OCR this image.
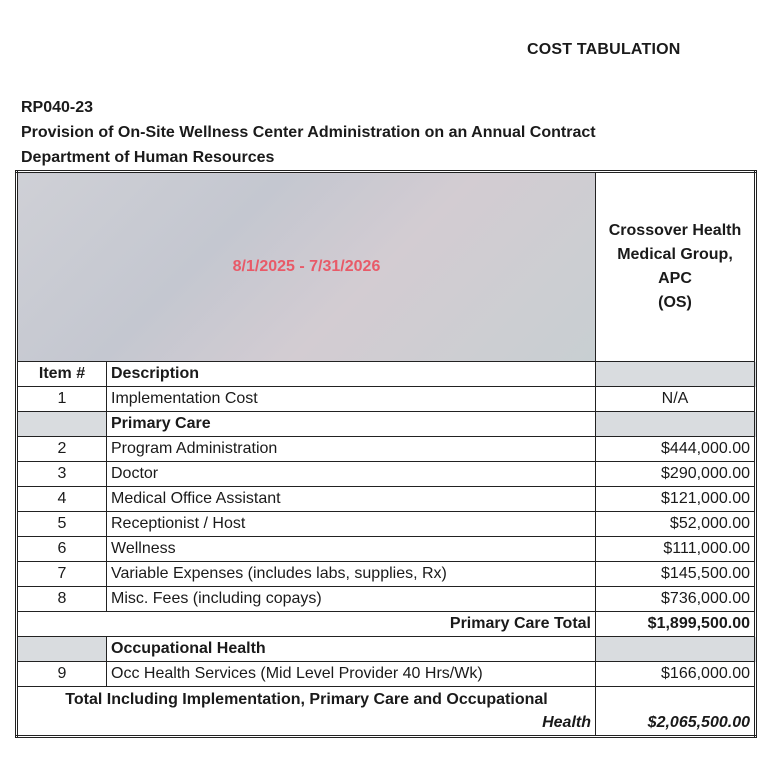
COST TABULATION
RP040-23
Provision of On-Site Wellness Center Administration on an Annual Contract
Department of Human Resources
8/1/2025 - 7/31/2026		Crossover Health
Medical Group,
APC
(OS)

Item #	Description	
1	Implementation Cost	N/A
	Primary Care	
2	Program Administration	$444,000.00
3	Doctor	$290,000.00
4	Medical Office Assistant	$121,000.00
5	Receptionist / Host	$52,000.00
6	Wellness	$111,000.00
7	Variable Expenses (includes labs, supplies, Rx)	$145,500.00
8	Misc. Fees (including copays)	$736,000.00
Primary Care Total		$1,899,500.00
	Occupational Health	
9	Occ Health Services (Mid Level Provider 40 Hrs/Wk)	$166,000.00

Total Including Implementation, Primary Care and Occupational
Health		$2,065,500.00
